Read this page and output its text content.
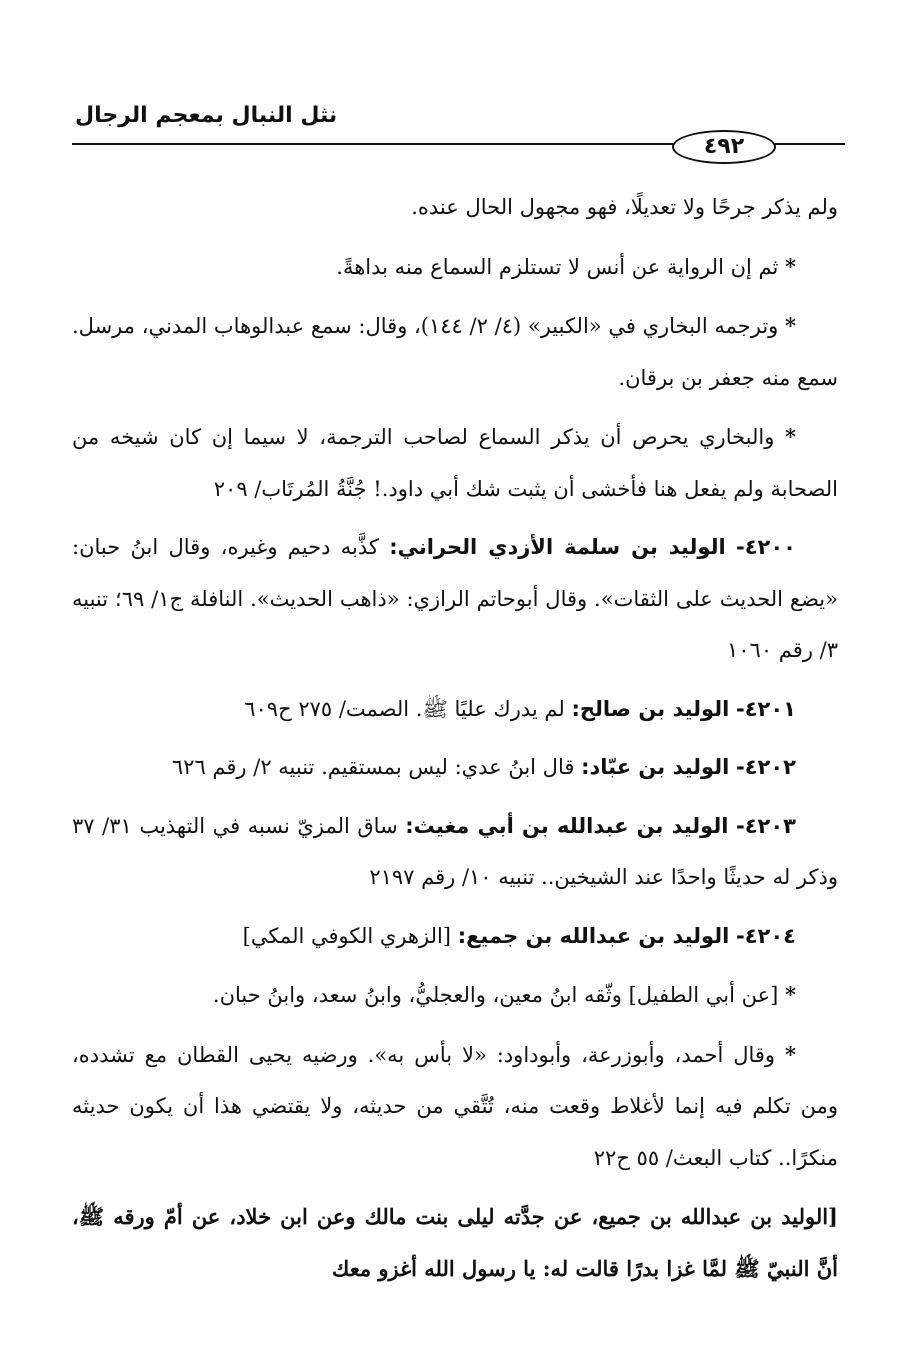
نثل النبال بمعجم الرجال
٤٩٢

ولم يذكر جرحًا ولا تعديلًا، فهو مجهول الحال عنده.

* ثم إن الرواية عن أنس لا تستلزم السماع منه بداهةً.

* وترجمه البخاري في «الكبير» (٤/ ٢/ ١٤٤)، وقال: سمع عبدالوهاب المدني، مرسل. سمع منه جعفر بن برقان.

* والبخاري يحرص أن يذكر السماع لصاحب الترجمة، لا سيما إن كان شيخه من الصحابة ولم يفعل هنا فأخشى أن يثبت شك أبي داود.! جُنَّةُ المُرتَاب/ ٢٠٩

٤٢٠٠- الوليد بن سلمة الأزدي الحراني: كذَّبه دحيم وغيره، وقال ابنُ حبان: «يضع الحديث على الثقات». وقال أبوحاتم الرازي: «ذاهب الحديث». النافلة ج١/ ٦٩؛ تنبيه ٣/ رقم ١٠٦٠

٤٢٠١- الوليد بن صالح: لم يدرك عليًا ﷺ. الصمت/ ٢٧٥ ح٦٠٩

٤٢٠٢- الوليد بن عبّاد: قال ابنُ عدي: ليس بمستقيم. تنبيه ٢/ رقم ٦٢٦

٤٢٠٣- الوليد بن عبدالله بن أبي مغيث: ساق المزيّ نسبه في التهذيب ٣١/ ٣٧ وذكر له حديثًا واحدًا عند الشيخين.. تنبيه ١٠/ رقم ٢١٩٧

٤٢٠٤- الوليد بن عبدالله بن جميع: [الزهري الكوفي المكي]

* [عن أبي الطفيل] وثّقه ابنُ معين، والعجليُّ، وابنُ سعد، وابنُ حبان.

* وقال أحمد، وأبوزرعة، وأبوداود: «لا بأس به». ورضيه يحيى القطان مع تشدده، ومن تكلم فيه إنما لأغلاط وقعت منه، تُتَّقي من حديثه، ولا يقتضي هذا أن يكون حديثه منكرًا.. كتاب البعث/ ٥٥ ح٢٢

[الوليد بن عبدالله بن جميع، عن جدَّته ليلى بنت مالك وعن ابن خلاد، عن أمّ ورقه ﷺ، أنَّ النبيّ ﷺ لمَّا غزا بدرًا قالت له: يا رسول الله أغزو معك
